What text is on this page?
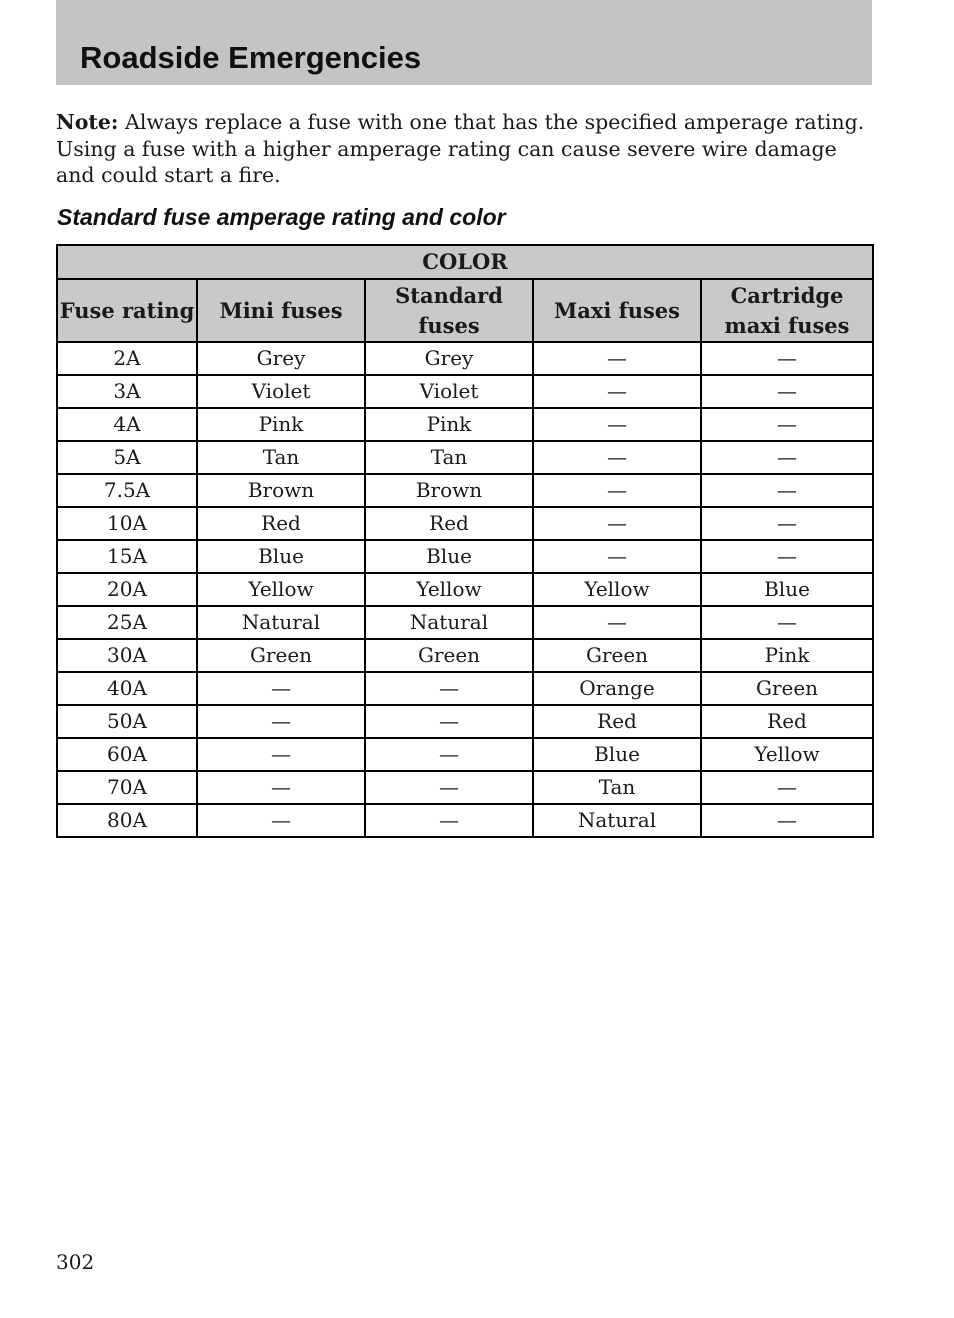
Roadside Emergencies
Note: Always replace a fuse with one that has the specified amperage rating. Using a fuse with a higher amperage rating can cause severe wire damage and could start a fire.
Standard fuse amperage rating and color
COLOR				
Fuse rating	Mini fuses	Standard fuses	Maxi fuses	Cartridge maxi fuses
2A	Grey	Grey	—	—
3A	Violet	Violet	—	—
4A	Pink	Pink	—	—
5A	Tan	Tan	—	—
7.5A	Brown	Brown	—	—
10A	Red	Red	—	—
15A	Blue	Blue	—	—
20A	Yellow	Yellow	Yellow	Blue
25A	Natural	Natural	—	—
30A	Green	Green	Green	Pink
40A	—	—	Orange	Green
50A	—	—	Red	Red
60A	—	—	Blue	Yellow
70A	—	—	Tan	—
80A	—	—	Natural	—
302
